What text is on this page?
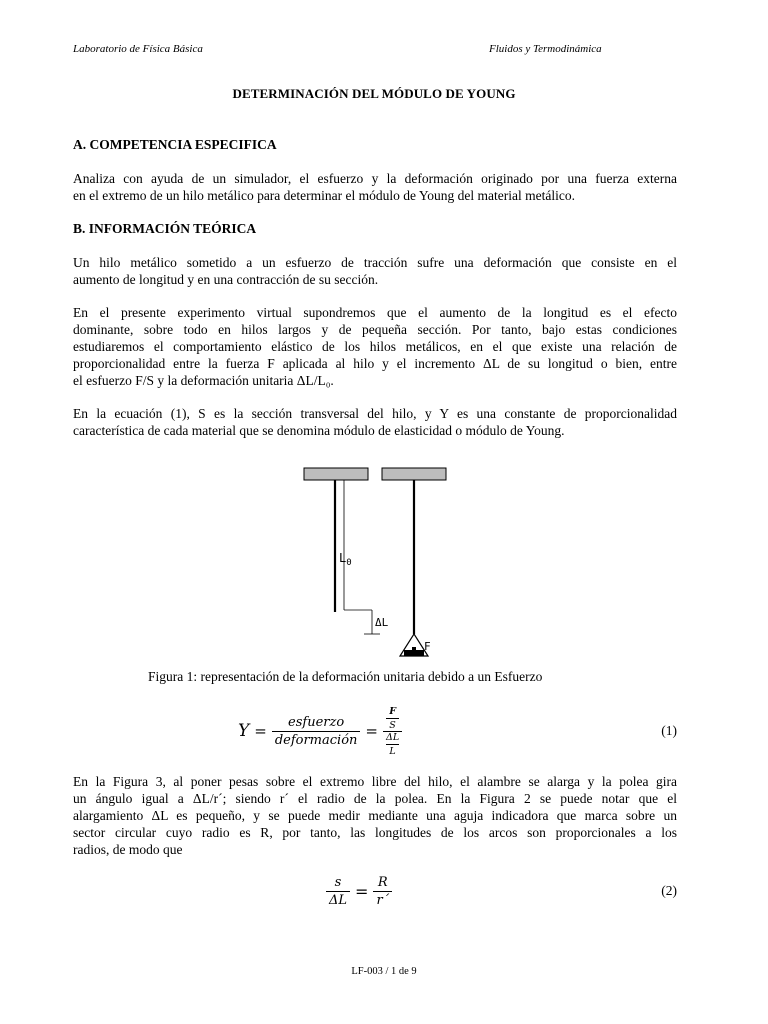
Laboratorio de Física Básica	Fluidos y Termodinámica
DETERMINACIÓN DEL MÓDULO DE YOUNG
A. COMPETENCIA ESPECIFICA
Analiza con ayuda de un simulador, el esfuerzo y la deformación originado por una fuerza externa
en el extremo de un hilo metálico para determinar el módulo de Young del material metálico.
B. INFORMACIÓN TEÓRICA
Un hilo metálico sometido a un esfuerzo de tracción sufre una deformación que consiste en el
aumento de longitud y en una contracción de su sección.
En el presente experimento virtual supondremos que el aumento de la longitud es el efecto
dominante, sobre todo en hilos largos y de pequeña sección. Por tanto, bajo estas condiciones
estudiaremos el comportamiento elástico de los hilos metálicos, en el que existe una relación de
proporcionalidad entre la fuerza F aplicada al hilo y el incremento ΔL de su longitud o bien, entre
el esfuerzo F/S y la deformación unitaria ΔL/L₀.
En la ecuación (1), S es la sección transversal del hilo, y Y es una constante de proporcionalidad
característica de cada material que se denomina módulo de elasticidad o módulo de Young.
$L_0$
ΔL
F
Figura 1: representación de la deformación unitaria debido a un Esfuerzo
$Y = \frac{\text{esfuerzo}}{\text{deformación}} = \frac{\frac{F}{S}}{\frac{\Delta L}{L}}$	(1)
En la Figura 3, al poner pesas sobre el extremo libre del hilo, el alambre se alarga y la polea gira
un ángulo igual a ΔL/r´; siendo r´ el radio de la polea. En la Figura 2 se puede notar que el
alargamiento ΔL es pequeño, y se puede medir mediante una aguja indicadora que marca sobre un
sector circular cuyo radio es R, por tanto, las longitudes de los arcos son proporcionales a los
radios, de modo que
$\frac{s}{\Delta L} = \frac{R}{r´}$	(2)
LF-003 / 1 de 9
